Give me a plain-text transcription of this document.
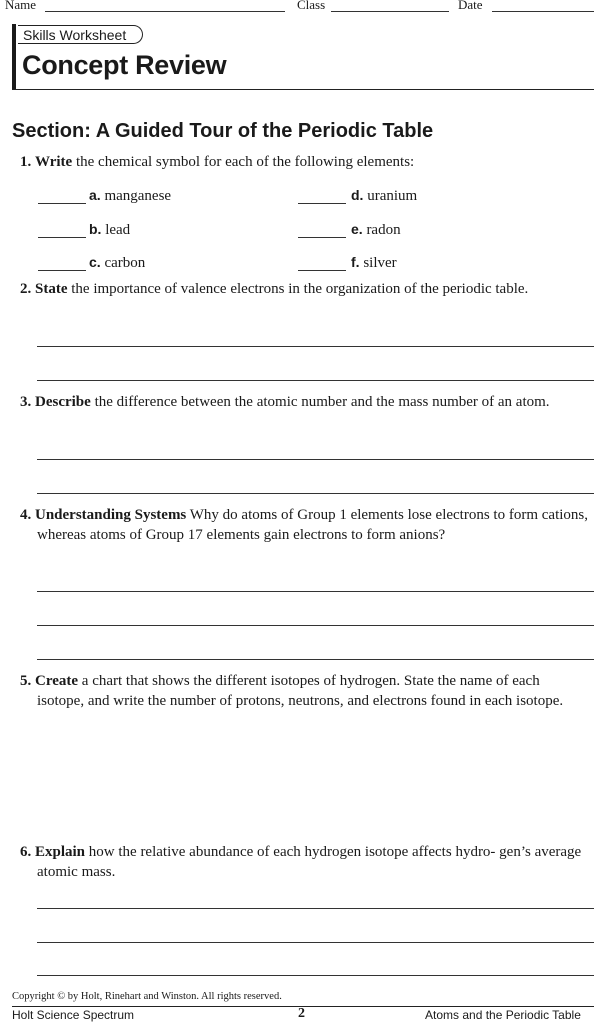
Name	Class	Date
Skills Worksheet
Concept Review
Section: A Guided Tour of the Periodic Table
1. Write the chemical symbol for each of the following elements:
a. manganese
b. lead
c. carbon
d. uranium
e. radon
f. silver
2. State the importance of valence electrons in the organization of the periodic table.
3. Describe the difference between the atomic number and the mass number of an atom.
4. Understanding Systems Why do atoms of Group 1 elements lose electrons to form cations, whereas atoms of Group 17 elements gain electrons to form anions?
5. Create a chart that shows the different isotopes of hydrogen. State the name of each isotope, and write the number of protons, neutrons, and electrons found in each isotope.
6. Explain how the relative abundance of each hydrogen isotope affects hydro- gen’s average atomic mass.
Copyright © by Holt, Rinehart and Winston. All rights reserved.
Holt Science Spectrum	2	Atoms and the Periodic Table
